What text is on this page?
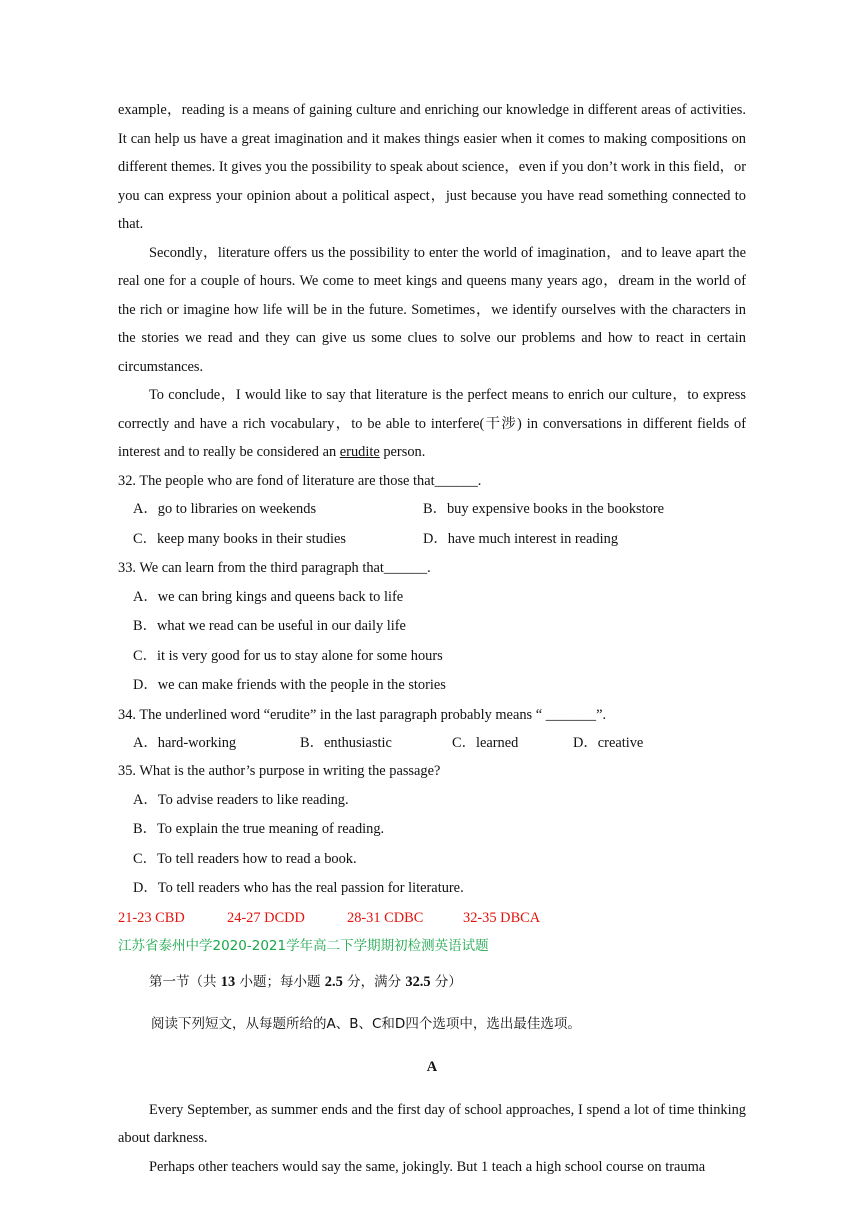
example，reading is a means of gaining culture and enriching our knowledge in different areas of activities. It can help us have a great imagination and it makes things easier when it comes to making compositions on different themes. It gives you the possibility to speak about science，even if you don’t work in this field，or you can express your opinion about a political aspect，just because you have read something connected to that.

Secondly，literature offers us the possibility to enter the world of imagination，and to leave apart the real one for a couple of hours. We come to meet kings and queens many years ago，dream in the world of the rich or imagine how life will be in the future. Sometimes，we identify ourselves with the characters in the stories we read and they can give us some clues to solve our problems and how to react in certain circumstances.

To conclude，I would like to say that literature is the perfect means to enrich our culture，to express correctly and have a rich vocabulary，to be able to interfere(干涉) in conversations in different fields of interest and to really be considered an erudite person.

32. The people who are fond of literature are those that______.

A．go to libraries on weekends	B．buy expensive books in the bookstore
C．keep many books in their studies	D．have much interest in reading

33. We can learn from the third paragraph that______.

A．we can bring kings and queens back to life

B．what we read can be useful in our daily life

C．it is very good for us to stay alone for some hours

D．we can make friends with the people in the stories

34. The underlined word “erudite” in the last paragraph probably means “ _______”.

A．hard-working	B．enthusiastic	C．learned	D．creative

35. What is the author’s purpose in writing the passage?

A．To advise readers to like reading.

B．To explain the true meaning of reading.

C．To tell readers how to read a book.

D．To tell readers who has the real passion for literature.

21-23 CBD	24-27 DCDD	28-31 CDBC	32-35 DBCA

江苏省泰州中学2020-2021学年高二下学期期初检测英语试题

第一节（共 13 小题；每小题 2.5 分，满分 32.5 分）

阅读下列短文，从每题所给的A、B、C和D四个选项中，选出最佳选项。

A

Every September, as summer ends and the first day of school approaches, I spend a lot of time thinking about darkness.

Perhaps other teachers would say the same, jokingly. But 1 teach a high school course on trauma
